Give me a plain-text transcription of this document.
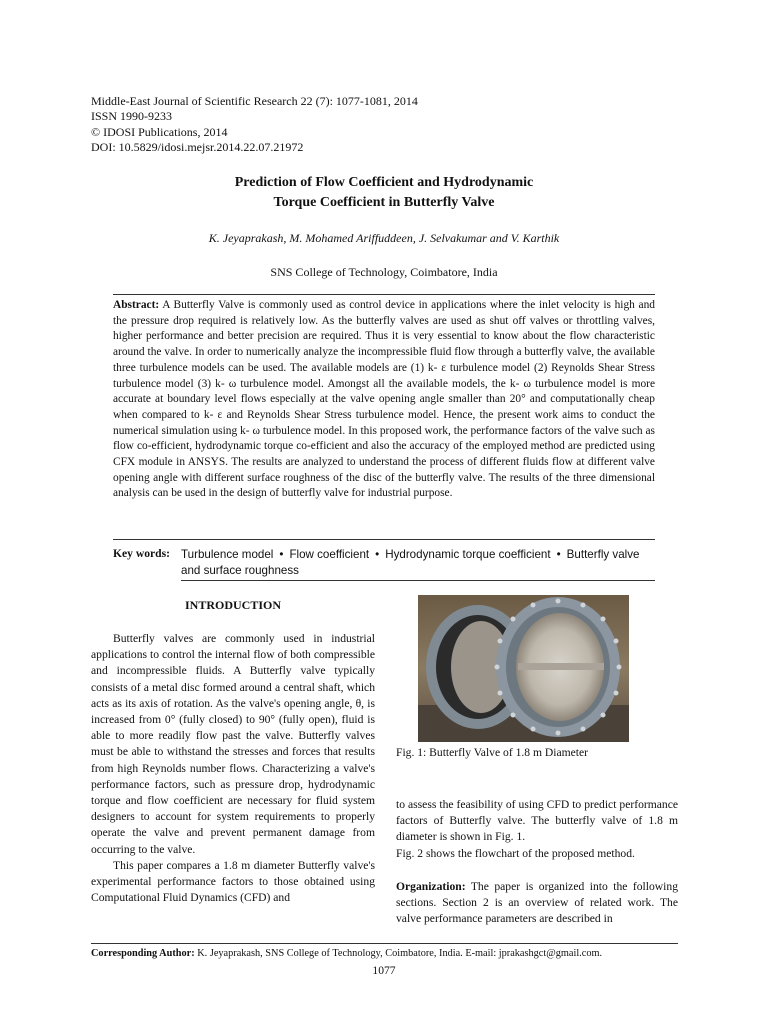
Middle-East Journal of Scientific Research 22 (7): 1077-1081, 2014
ISSN 1990-9233
© IDOSI Publications, 2014
DOI: 10.5829/idosi.mejsr.2014.22.07.21972
Prediction of Flow Coefficient and Hydrodynamic
Torque Coefficient in Butterfly Valve
K. Jeyaprakash, M. Mohamed Ariffuddeen, J. Selvakumar and V. Karthik
SNS College of Technology, Coimbatore, India
Abstract: A Butterfly Valve is commonly used as control device in applications where the inlet velocity is high and the pressure drop required is relatively low. As the butterfly valves are used as shut off valves or throttling valves, higher performance and better precision are required. Thus it is very essential to know about the flow characteristic around the valve. In order to numerically analyze the incompressible fluid flow through a butterfly valve, the available three turbulence models can be used. The available models are (1) k- ε turbulence model (2) Reynolds Shear Stress turbulence model (3) k- ω turbulence model. Amongst all the available models, the k- ω turbulence model is more accurate at boundary level flows especially at the valve opening angle smaller than 20° and computationally cheap when compared to k- ε and Reynolds Shear Stress turbulence model. Hence, the present work aims to conduct the numerical simulation using k- ω turbulence model. In this proposed work, the performance factors of the valve such as flow co-efficient, hydrodynamic torque co-efficient and also the accuracy of the employed method are predicted using CFX module in ANSYS. The results are analyzed to understand the process of different fluids flow at different valve opening angle with different surface roughness of the disc of the butterfly valve. The results of the three dimensional analysis can be used in the design of butterfly valve for industrial purpose.
Key words: Turbulence model • Flow coefficient • Hydrodynamic torque coefficient • Butterfly valve and surface roughness
INTRODUCTION

Butterfly valves are commonly used in industrial applications to control the internal flow of both compressible and incompressible fluids. A Butterfly valve typically consists of a metal disc formed around a central shaft, which acts as its axis of rotation. As the valve's opening angle, θ, is increased from 0° (fully closed) to 90° (fully open), fluid is able to more readily flow past the valve. Butterfly valves must be able to withstand the stresses and forces that results from high Reynolds number flows. Characterizing a valve's performance factors, such as pressure drop, hydrodynamic torque and flow coefficient are necessary for fluid system designers to account for system requirements to properly operate the valve and prevent permanent damage from occurring to the valve.

This paper compares a 1.8 m diameter Butterfly valve's experimental performance factors to those obtained using Computational Fluid Dynamics (CFD) and

Fig. 1: Butterfly Valve of 1.8 m Diameter

to assess the feasibility of using CFD to predict performance factors of Butterfly valve. The butterfly valve of 1.8 m diameter is shown in Fig. 1.

Fig. 2 shows the flowchart of the proposed method.

Organization: The paper is organized into the following sections. Section 2 is an overview of related work. The valve performance parameters are described in

Corresponding Author: K. Jeyaprakash, SNS College of Technology, Coimbatore, India. E-mail: jprakashgct@gmail.com.
1077
